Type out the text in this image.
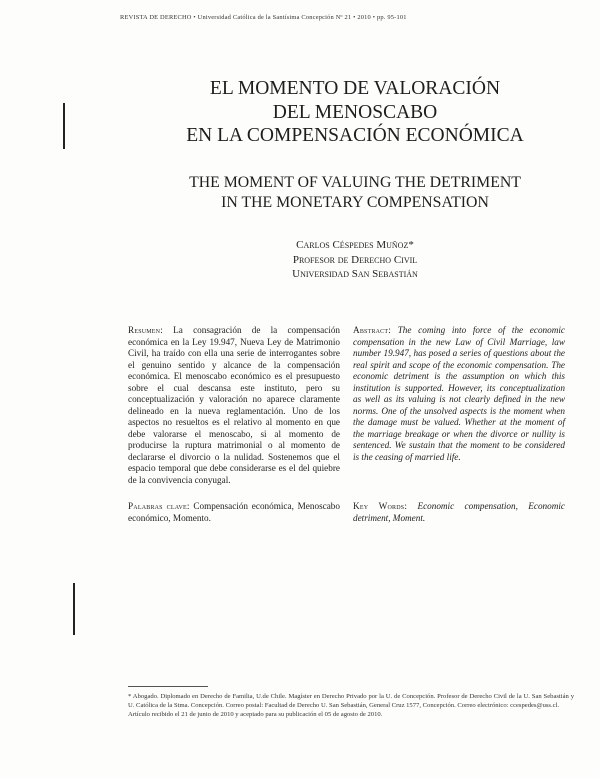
REVISTA DE DERECHO • Universidad Católica de la Santísima Concepción Nº 21 • 2010 • pp. 95-101
EL MOMENTO DE VALORACIÓN
DEL MENOSCABO
EN LA COMPENSACIÓN ECONÓMICA
THE MOMENT OF VALUING THE DETRIMENT
IN THE MONETARY COMPENSATION
Carlos Céspedes Muñoz*
Profesor de Derecho Civil
Universidad San Sebastián
Resumen: La consagración de la compensación económica en la Ley 19.947, Nueva Ley de Matrimonio Civil, ha traído con ella una serie de interrogantes sobre el genuino sentido y alcance de la compensación económica. El menoscabo económico es el presupuesto sobre el cual descansa este instituto, pero su conceptualización y valoración no aparece claramente delineado en la nueva reglamentación. Uno de los aspectos no resueltos es el relativo al momento en que debe valorarse el menoscabo, si al momento de producirse la ruptura matrimonial o al momento de declararse el divorcio o la nulidad. Sostenemos que el espacio temporal que debe considerarse es el del quiebre de la convivencia conyugal.
Abstract: The coming into force of the economic compensation in the new Law of Civil Marriage, law number 19.947, has posed a series of questions about the real spirit and scope of the economic compensation. The economic detriment is the assumption on which this institution is supported. However, its conceptualization as well as its valuing is not clearly defined in the new norms. One of the unsolved aspects is the moment when the damage must be valued. Whether at the moment of the marriage breakage or when the divorce or nullity is sentenced. We sustain that the moment to be considered is the ceasing of married life.
Palabras clave: Compensación económica, Menoscabo económico, Momento.
Key Words: Economic compensation, Economic detriment, Moment.

* Abogado. Diplomado en Derecho de Familia, U.de Chile. Magíster en Derecho Privado por la U. de Concepción. Profesor de Derecho Civil de la U. San Sebastián y U. Católica de la Stma. Concepción. Correo postal: Facultad de Derecho U. San Sebastián, General Cruz 1577, Concepción. Correo electrónico: ccespedes@uss.cl.

Artículo recibido el 21 de junio de 2010 y aceptado para su publicación el 05 de agosto de 2010.
